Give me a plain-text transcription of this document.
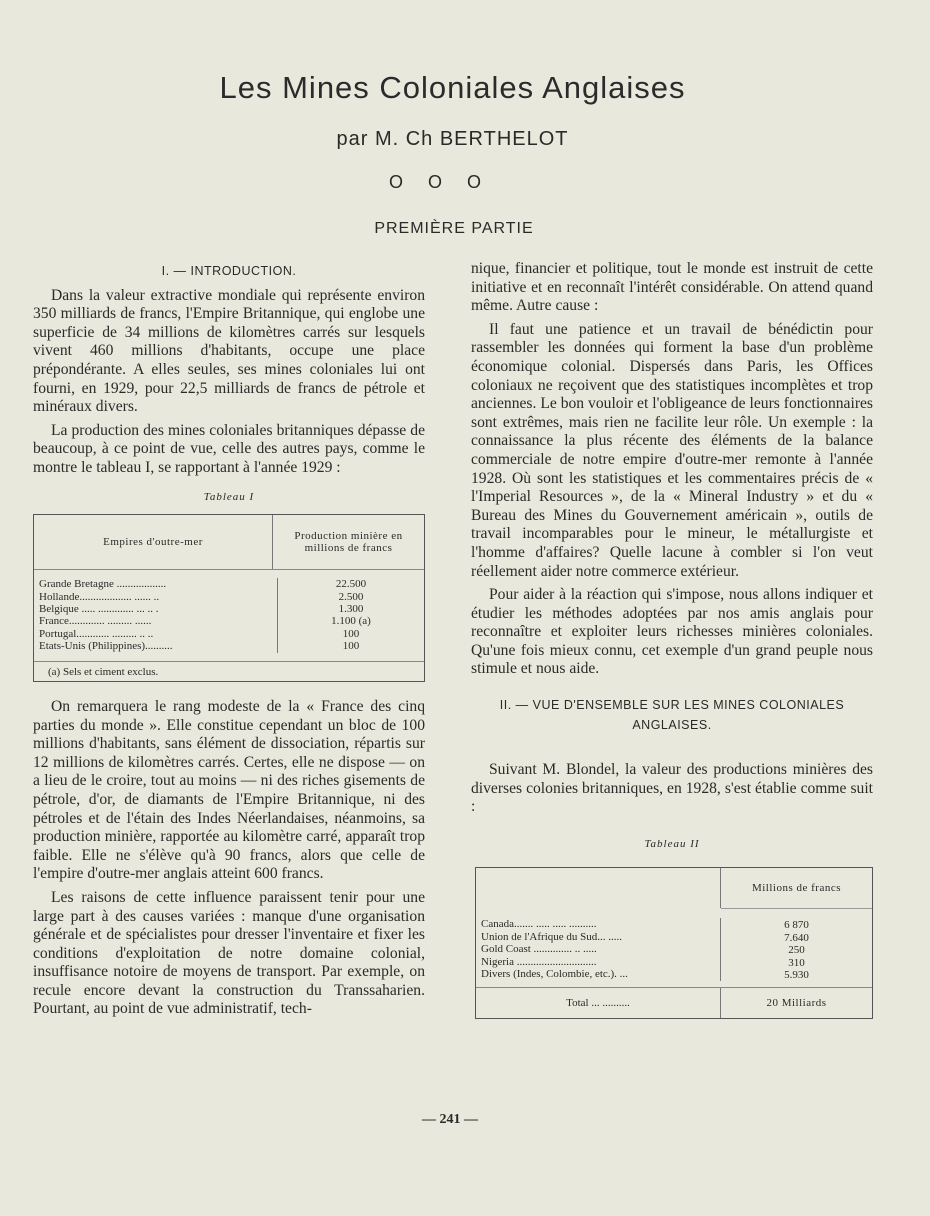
Les Mines Coloniales Anglaises
par M. Ch BERTHELOT
O O O
PREMIÈRE PARTIE
I. — INTRODUCTION.

Dans la valeur extractive mondiale qui représente environ 350 milliards de francs, l'Empire Britannique, qui englobe une superficie de 34 millions de kilomètres carrés sur lesquels vivent 460 millions d'habitants, occupe une place prépondérante. A elles seules, ses mines coloniales lui ont fourni, en 1929, pour 22,5 milliards de francs de pétrole et minéraux divers.

La production des mines coloniales britanniques dépasse de beaucoup, à ce point de vue, celle des autres pays, comme le montre le tableau I, se rapportant à l'année 1929 :

Tableau I
Empires d'outre-mer
Production minière en millions de francs
Grande Bretagne ..................
Hollande................... ...... ..
Belgique ..... ............. ... .. .
France............. ......... ......
Portugal............ ......... .. ..
Etats-Unis (Philippines)..........
22.500
2.500
1.300
1.100 (a)
100
100
(a) Sels et ciment exclus.

On remarquera le rang modeste de la « France des cinq parties du monde ». Elle constitue cependant un bloc de 100 millions d'habitants, sans élément de dissociation, répartis sur 12 millions de kilomètres carrés. Certes, elle ne dispose — on a lieu de le croire, tout au moins — ni des riches gisements de pétrole, d'or, de diamants de l'Empire Britannique, ni des pétroles et de l'étain des Indes Néerlandaises, néanmoins, sa production minière, rapportée au kilomètre carré, apparaît trop faible. Elle ne s'élève qu'à 90 francs, alors que celle de l'empire d'outre-mer anglais atteint 600 francs.

Les raisons de cette influence paraissent tenir pour une large part à des causes variées : manque d'une organisation générale et de spécialistes pour dresser l'inventaire et fixer les conditions d'exploitation de notre domaine colonial, insuffisance notoire de moyens de transport. Par exemple, on recule encore devant la construction du Transsaharien. Pourtant, au point de vue administratif, tech-

nique, financier et politique, tout le monde est instruit de cette initiative et en reconnaît l'intérêt considérable. On attend quand même. Autre cause :

Il faut une patience et un travail de bénédictin pour rassembler les données qui forment la base d'un problème économique colonial. Dispersés dans Paris, les Offices coloniaux ne reçoivent que des statistiques incomplètes et trop anciennes. Le bon vouloir et l'obligeance de leurs fonctionnaires sont extrêmes, mais rien ne facilite leur rôle. Un exemple : la connaissance la plus récente des éléments de la balance commerciale de notre empire d'outre-mer remonte à l'année 1928. Où sont les statistiques et les commentaires précis de « l'Imperial Resources », de la « Mineral Industry » et du « Bureau des Mines du Gouvernement américain », outils de travail incomparables pour le mineur, le métallurgiste et l'homme d'affaires? Quelle lacune à combler si l'on veut réellement aider notre commerce extérieur.

Pour aider à la réaction qui s'impose, nous allons indiquer et étudier les méthodes adoptées par nos amis anglais pour reconnaître et exploiter leurs richesses minières coloniales. Qu'une fois mieux connu, cet exemple d'un grand peuple nous stimule et nous aide.

II. — VUE D'ENSEMBLE SUR LES MINES COLONIALES ANGLAISES.

Suivant M. Blondel, la valeur des productions minières des diverses colonies britanniques, en 1928, s'est établie comme suit :

Tableau II
Millions de francs
Canada....... ..... ..... ..........
Union de l'Afrique du Sud... .....
Gold Coast .............. .. .....
Nigeria .............................
Divers (Indes, Colombie, etc.). ...
6 870
7.640
250
310
5.930
Total ... ..........	20 Milliards
— 241 —
